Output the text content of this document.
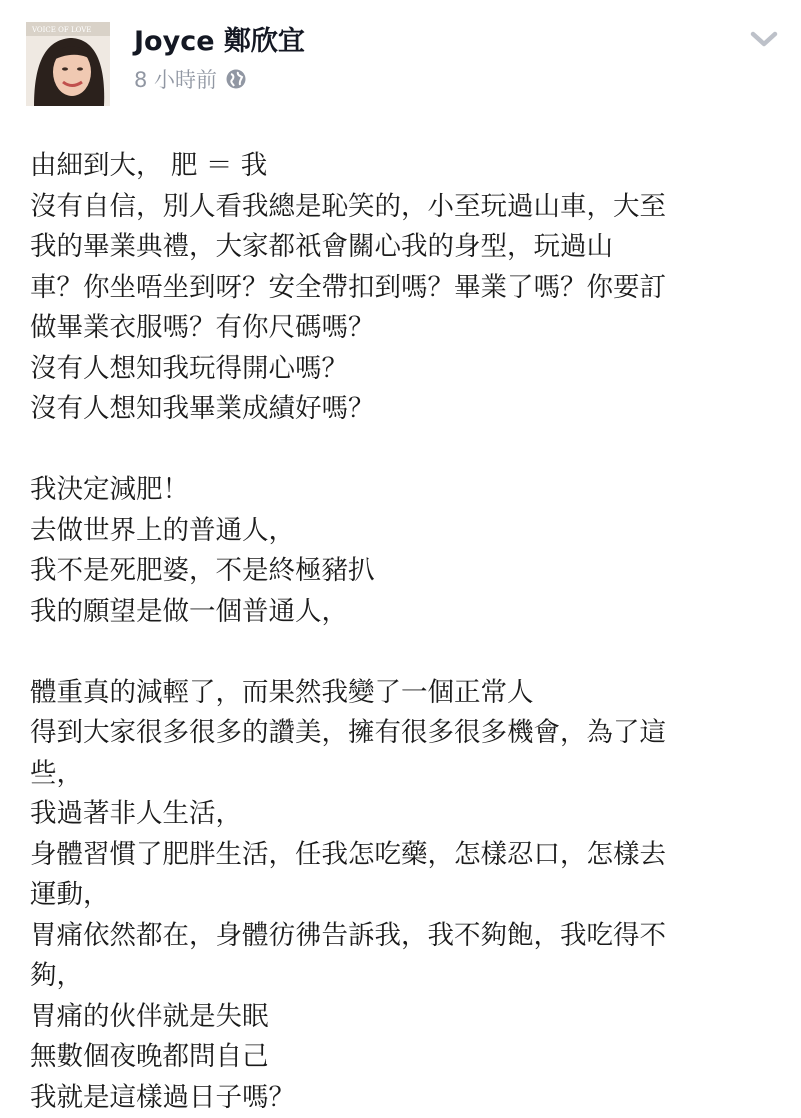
VOICE OF LOVE Joyce 鄭欣宜
8 小時前
由細到大， 肥 ＝ 我
沒有自信，別人看我總是恥笑的，小至玩過山車，大至
我的畢業典禮，大家都祇會關心我的身型，玩過山
車？你坐唔坐到呀？安全帶扣到嗎？畢業了嗎？你要訂
做畢業衣服嗎？有你尺碼嗎？
沒有人想知我玩得開心嗎？
沒有人想知我畢業成績好嗎？
我決定減肥！
去做世界上的普通人，
我不是死肥婆，不是終極豬扒
我的願望是做一個普通人，
體重真的減輕了，而果然我變了一個正常人
得到大家很多很多的讚美，擁有很多很多機會，為了這
些，
我過著非人生活，
身體習慣了肥胖生活，任我怎吃藥，怎樣忍口，怎樣去
運動，
胃痛依然都在，身體彷彿告訴我，我不夠飽，我吃得不
夠，
胃痛的伙伴就是失眠
無數個夜晚都問自己
我就是這樣過日子嗎？
